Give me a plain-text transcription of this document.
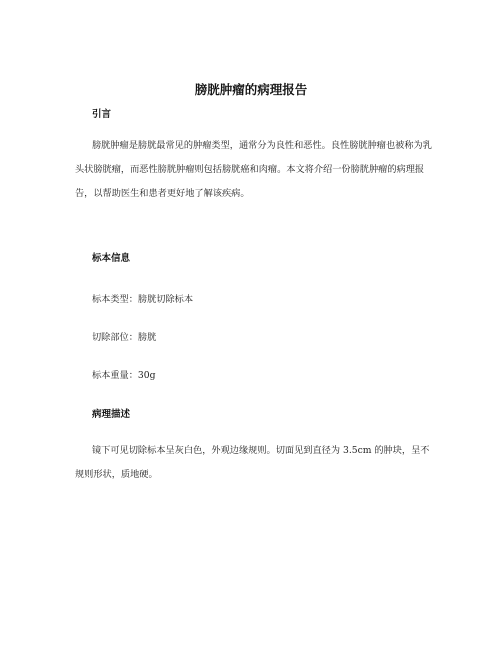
膀胱肿瘤的病理报告
引言

膀胱肿瘤是膀胱最常见的肿瘤类型，通常分为良性和恶性。良性膀胱肿瘤也被称为乳头状膀胱瘤，而恶性膀胱肿瘤则包括膀胱癌和肉瘤。本文将介绍一份膀胱肿瘤的病理报告，以帮助医生和患者更好地了解该疾病。

标本信息
标本类型：膀胱切除标本
切除部位：膀胱
标本重量：30g
病理描述

镜下可见切除标本呈灰白色，外观边缘规则。切面见到直径为 3.5cm 的肿块，呈不规则形状，质地硬。
